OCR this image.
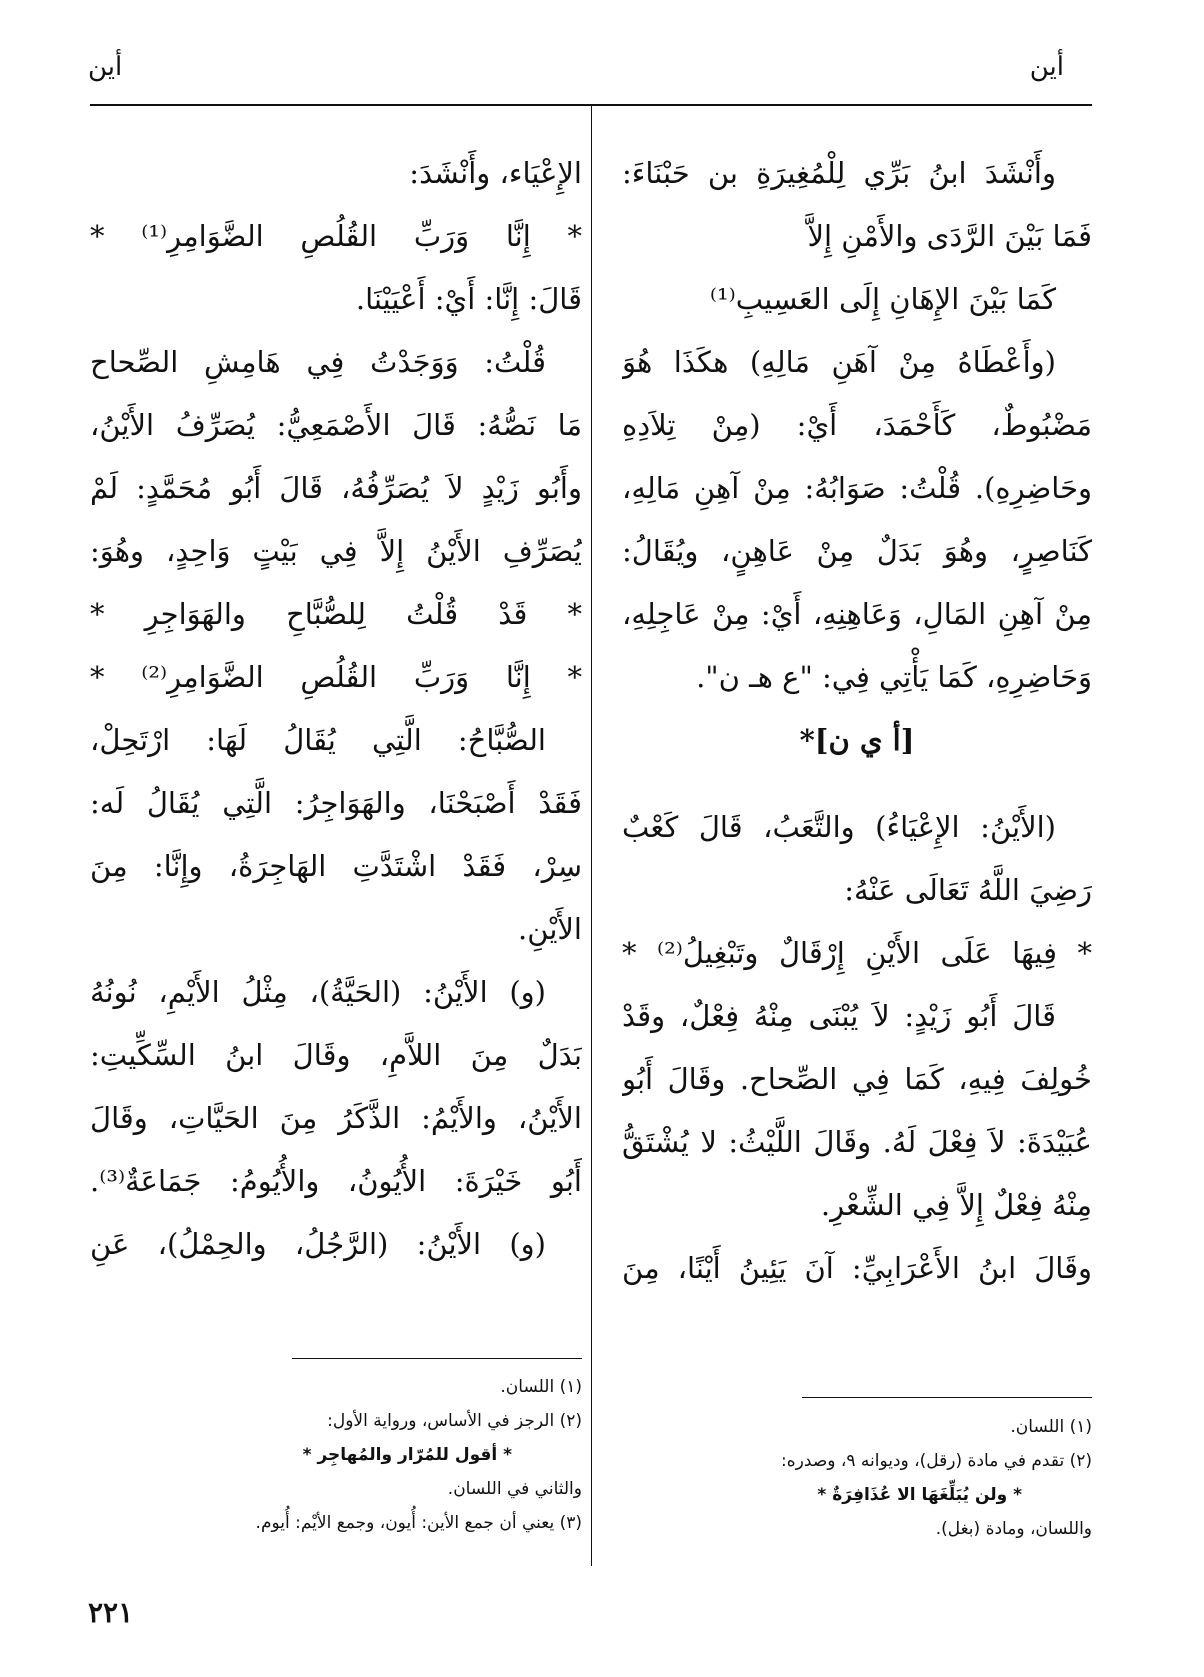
أين
أين
وأَنْشَدَ ابنُ بَرِّي لِلْمُغِيرَةِ بن حَبْنَاءَ:
فَمَا بَيْنَ الرَّدَى والأَمْنِ إِلاَّ
كَمَا بَيْنَ الإِهَانِ إِلَى العَسِيبِ⁽¹⁾
(وأَعْطَاهُ مِنْ آهَنِ مَالِهِ) هكَذَا هُوَ
مَضْبُوطٌ، كَأَحْمَدَ، أَيْ: (مِنْ تِلاَدِهِ
وحَاضِرِهِ). قُلْتُ: صَوَابُهُ: مِنْ آهِنِ مَالِهِ،
كَنَاصِرٍ، وهُوَ بَدَلٌ مِنْ عَاهِنٍ، ويُقَالُ:
مِنْ آهِنِ المَالِ، وَعَاهِنِهِ، أَيْ: مِنْ عَاجِلِهِ،
وَحَاضِرِهِ، كَمَا يَأْتِي فِي: "ع هـ ن".
[أ ي ن]*
(الأَيْنُ: الإِعْيَاءُ) والتَّعَبُ، قَالَ كَعْبٌ
رَضِيَ اللَّهُ تَعَالَى عَنْهُ:
* فِيهَا عَلَى الأَيْنِ إِرْقَالٌ وتَبْغِيلُ⁽²⁾ *
قَالَ أَبُو زَيْدٍ: لاَ يُبْنَى مِنْهُ فِعْلٌ، وقَدْ
خُولِفَ فِيهِ، كَمَا فِي الصِّحاح. وقَالَ أَبُو
عُبَيْدَةَ: لاَ فِعْلَ لَهُ. وقَالَ اللَّيْثُ: لا يُشْتَقُّ
مِنْهُ فِعْلٌ إِلاَّ فِي الشِّعْرِ.
وقَالَ ابنُ الأَعْرَابِيِّ: آنَ يَئِينُ أَيْنًا، مِنَ
الإِعْيَاء، وأَنْشَدَ:
* إِنَّا وَرَبِّ القُلُصِ الضَّوَامِرِ⁽¹⁾ *
قَالَ: إِنَّا: أَيْ: أَعْيَيْنَا.
قُلْتُ: وَوَجَدْتُ فِي هَامِشِ الصِّحاح
مَا نَصُّهُ: قَالَ الأَصْمَعِيُّ: يُصَرِّفُ الأَيْنُ،
وأَبُو زَيْدٍ لاَ يُصَرِّفُهُ، قَالَ أَبُو مُحَمَّدٍ: لَمْ
يُصَرِّفِ الأَيْنُ إِلاَّ فِي بَيْتٍ وَاحِدٍ، وهُوَ:
* قَدْ قُلْتُ لِلصُّبَّاحِ والهَوَاجِرِ *
* إِنَّا وَرَبِّ القُلُصِ الضَّوَامِرِ⁽²⁾ *
الصُّبَّاحُ: الَّتِي يُقَالُ لَهَا: ارْتَحِلْ،
فَقَدْ أَصْبَحْنَا، والهَوَاجِرُ: الَّتِي يُقَالُ لَه:
سِرْ، فَقَدْ اشْتَدَّتِ الهَاجِرَةُ، وإِنَّا: مِنَ
الأَيْنِ.
(و) الأَيْنُ: (الحَيَّةُ)، مِثْلُ الأَيْمِ، نُونُهُ
بَدَلٌ مِنَ اللاَّمِ، وقَالَ ابنُ السِّكِّيتِ:
الأَيْنُ، والأَيْمُ: الذَّكَرُ مِنَ الحَيَّاتِ، وقَالَ
أَبُو خَيْرَةَ: الأُيُونُ، والأُيُومُ: جَمَاعَةٌ⁽³⁾.
(و) الأَيْنُ: (الرَّجُلُ، والحِمْلُ)، عَنِ
(١) اللسان.
(٢) تقدم في مادة (رقل)، وديوانه ٩، وصدره:
* ولن يُبَلِّغَهَا الا عُذَافِرَةٌ *
واللسان، ومادة (بغل).
(١) اللسان.
(٢) الرجز في الأساس، ورواية الأول:
* أقول للمُرّار والمُهاجِر *
والثاني في اللسان.
(٣) يعني أن جمع الأين: أُيون، وجمع الأيْم: أُيوم.
٢٢١
